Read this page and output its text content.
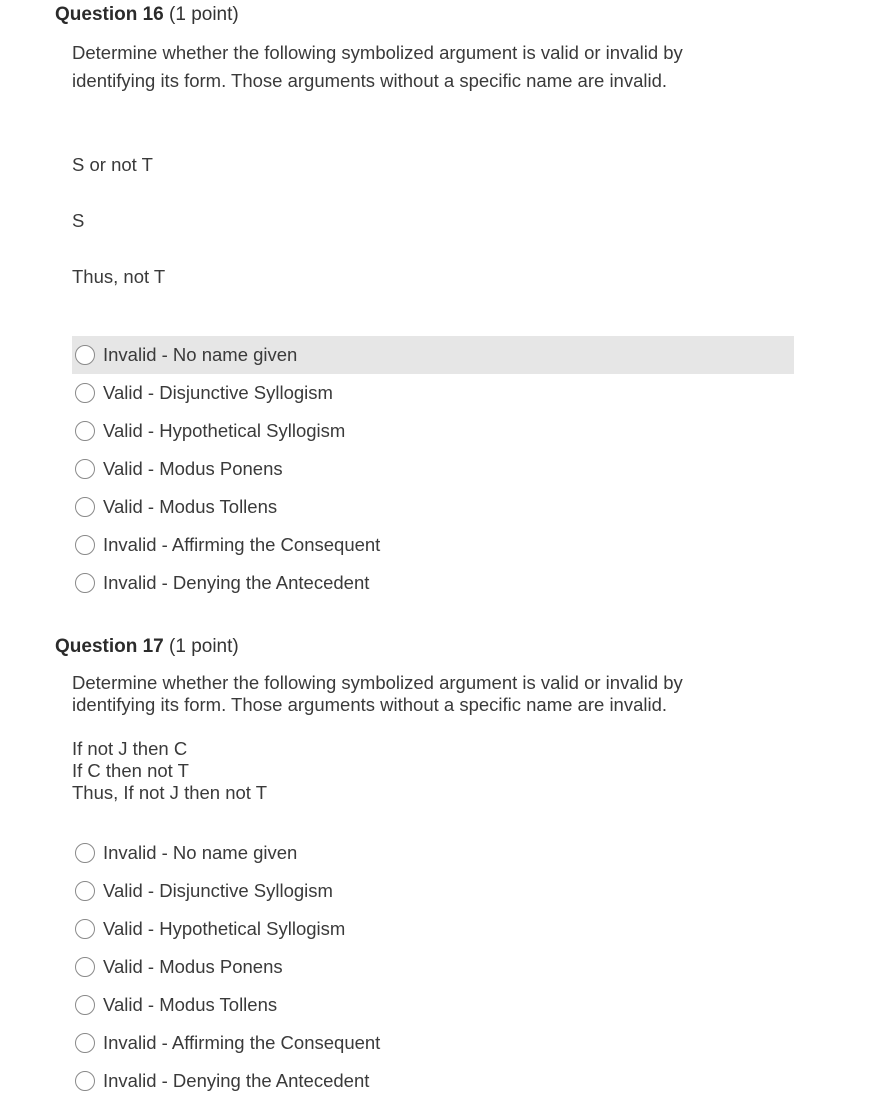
Question 16 (1 point)
Determine whether the following symbolized argument is valid or invalid by
identifying its form. Those arguments without a specific name are invalid.
S or not T
S
Thus, not T
Invalid - No name given
Valid - Disjunctive Syllogism
Valid - Hypothetical Syllogism
Valid - Modus Ponens
Valid - Modus Tollens
Invalid - Affirming the Consequent
Invalid - Denying the Antecedent
Question 17 (1 point)
Determine whether the following symbolized argument is valid or invalid by
identifying its form. Those arguments without a specific name are invalid.
If not J then C
If C then not T
Thus, If not J then not T
Invalid - No name given
Valid - Disjunctive Syllogism
Valid - Hypothetical Syllogism
Valid - Modus Ponens
Valid - Modus Tollens
Invalid - Affirming the Consequent
Invalid - Denying the Antecedent
